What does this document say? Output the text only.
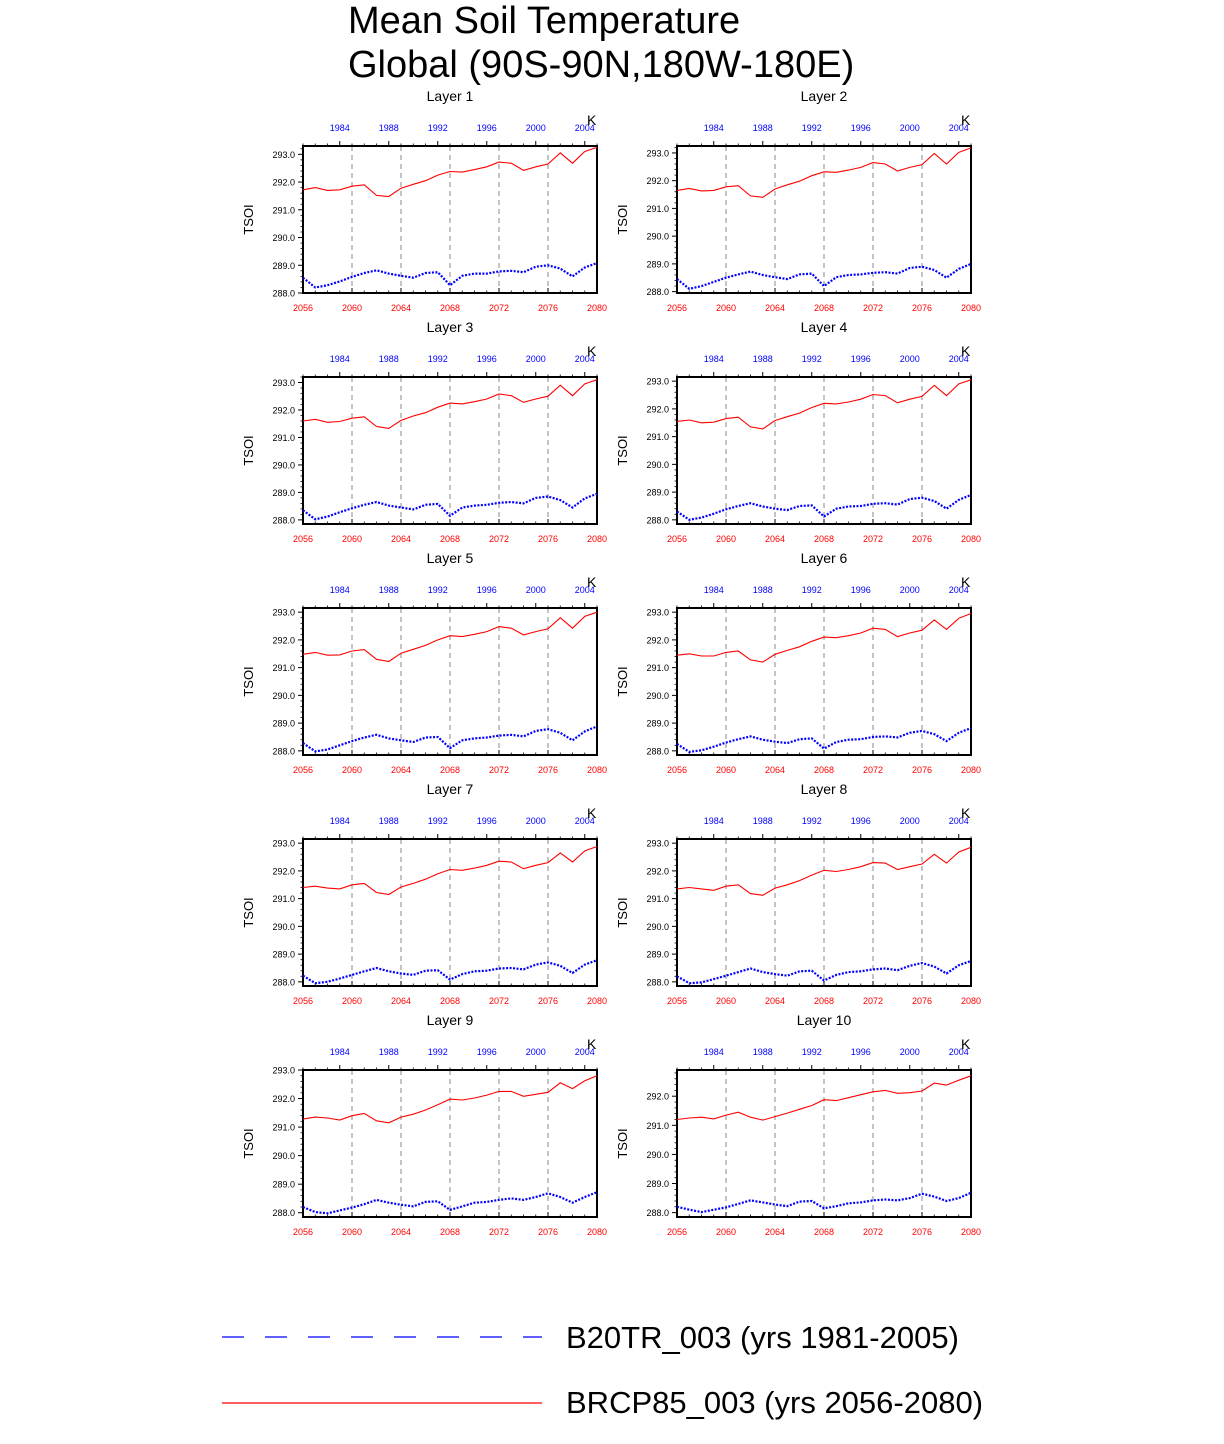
Mean Soil Temperature
Global (90S-90N,180W-180E)
Layer 1
K
TSOI
2056	2060	2064	2068	2072	2076	2080
1984	1988	1992	1996	2000	2004
288.0
289.0
290.0
291.0
292.0
293.0
Layer 2
K
TSOI
2056	2060	2064	2068	2072	2076	2080
1984	1988	1992	1996	2000	2004
288.0
289.0
290.0
291.0
292.0
293.0
Layer 3
K
TSOI
2056	2060	2064	2068	2072	2076	2080
1984	1988	1992	1996	2000	2004
288.0
289.0
290.0
291.0
292.0
293.0
Layer 4
K
TSOI
2056	2060	2064	2068	2072	2076	2080
1984	1988	1992	1996	2000	2004
288.0
289.0
290.0
291.0
292.0
293.0
Layer 5
K
TSOI
2056	2060	2064	2068	2072	2076	2080
1984	1988	1992	1996	2000	2004
288.0
289.0
290.0
291.0
292.0
293.0
Layer 6
K
TSOI
2056	2060	2064	2068	2072	2076	2080
1984	1988	1992	1996	2000	2004
288.0
289.0
290.0
291.0
292.0
293.0
Layer 7
K
TSOI
2056	2060	2064	2068	2072	2076	2080
1984	1988	1992	1996	2000	2004
288.0
289.0
290.0
291.0
292.0
293.0
Layer 8
K
TSOI
2056	2060	2064	2068	2072	2076	2080
1984	1988	1992	1996	2000	2004
288.0
289.0
290.0
291.0
292.0
293.0
Layer 9
K
TSOI
2056	2060	2064	2068	2072	2076	2080
1984	1988	1992	1996	2000	2004
288.0
289.0
290.0
291.0
292.0
293.0
Layer 10
K
TSOI
2056	2060	2064	2068	2072	2076	2080
1984	1988	1992	1996	2000	2004
288.0
289.0
290.0
291.0
292.0
B20TR_003 (yrs 1981-2005)
BRCP85_003 (yrs 2056-2080)
